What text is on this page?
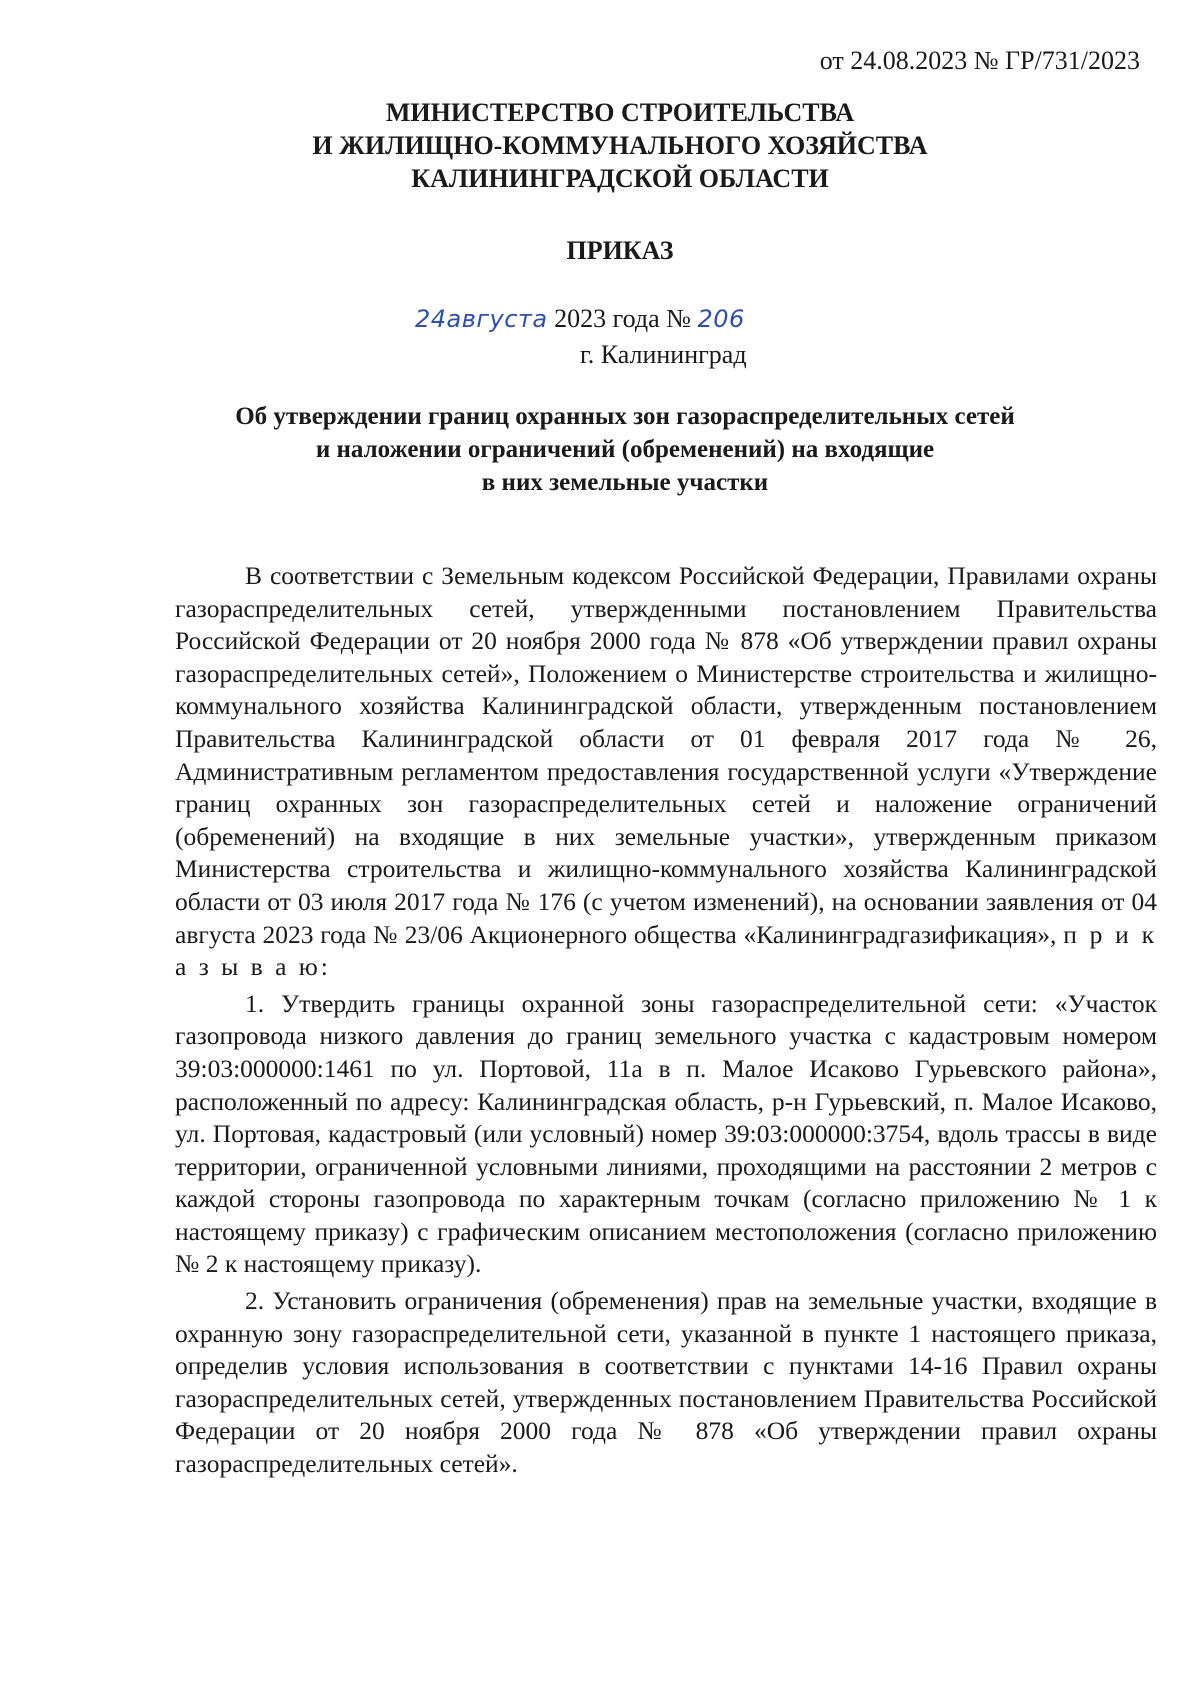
от 24.08.2023 № ГР/731/2023
МИНИСТЕРСТВО СТРОИТЕЛЬСТВА
И ЖИЛИЩНО-КОММУНАЛЬНОГО ХОЗЯЙСТВА
КАЛИНИНГРАДСКОЙ ОБЛАСТИ
ПРИКАЗ
24августа 2023 года № 206
г. Калининград
Об утверждении границ охранных зон газораспределительных сетей
и наложении ограничений (обременений) на входящие
в них земельные участки

В соответствии с Земельным кодексом Российской Федерации, Правилами охраны газораспределительных сетей, утвержденными постановлением Правительства Российской Федерации от 20 ноября 2000 года № 878 «Об утверждении правил охраны газораспределительных сетей», Положением о Министерстве строительства и жилищно-коммунального хозяйства Калининградской области, утвержденным постановлением Правительства Калининградской области от 01 февраля 2017 года № 26, Административным регламентом предоставления государственной услуги «Утверждение границ охранных зон газораспределительных сетей и наложение ограничений (обременений) на входящие в них земельные участки», утвержденным приказом Министерства строительства и жилищно-коммунального хозяйства Калининградской области от 03 июля 2017 года № 176 (с учетом изменений), на основании заявления от 04 августа 2023 года № 23/06 Акционерного общества «Калининградгазификация», п р и к а з ы в а ю:

1. Утвердить границы охранной зоны газораспределительной сети: «Участок газопровода низкого давления до границ земельного участка с кадастровым номером 39:03:000000:1461 по ул. Портовой, 11а в п. Малое Исаково Гурьевского района», расположенный по адресу: Калининградская область, р-н Гурьевский, п. Малое Исаково, ул. Портовая, кадастровый (или условный) номер 39:03:000000:3754, вдоль трассы в виде территории, ограниченной условными линиями, проходящими на расстоянии 2 метров с каждой стороны газопровода по характерным точкам (согласно приложению № 1 к настоящему приказу) с графическим описанием местоположения (согласно приложению № 2 к настоящему приказу).

2. Установить ограничения (обременения) прав на земельные участки, входящие в охранную зону газораспределительной сети, указанной в пункте 1 настоящего приказа, определив условия использования в соответствии с пунктами 14-16 Правил охраны газораспределительных сетей, утвержденных постановлением Правительства Российской Федерации от 20 ноября 2000 года № 878 «Об утверждении правил охраны газораспределительных сетей».
